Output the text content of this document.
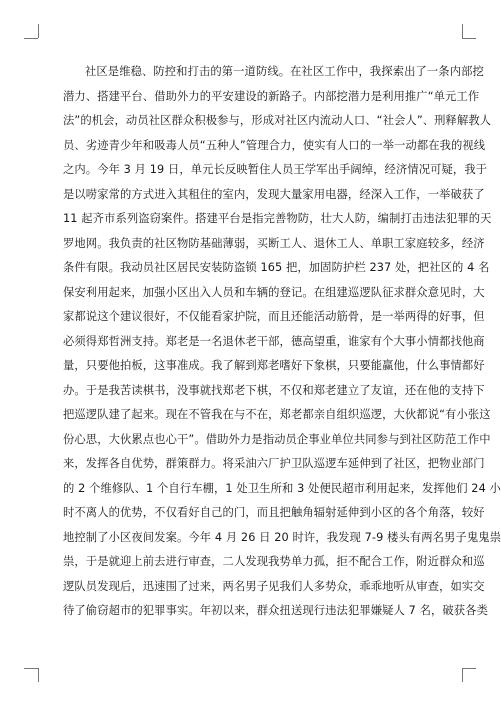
社区是维稳、防控和打击的第一道防线。在社区工作中，我探索出了一条内部挖
潜力、搭建平台、借助外力的平安建设的新路子。内部挖潜力是利用推广“单元工作
法”的机会，动员社区群众积极参与，形成对社区内流动人口、“社会人”、刑释解教人
员、劣迹青少年和吸毒人员“五种人”管理合力，使实有人口的一举一动都在我的视线
之内。今年 3 月 19 日，单元长反映暂住人员王学军出手阔绰，经济情况可疑，我于
是以唠家常的方式进入其租住的室内，发现大量家用电器，经深入工作，一举破获了
11 起齐市系列盗窃案件。搭建平台是指完善物防，壮大人防，编制打击违法犯罪的天
罗地网。我负责的社区物防基础薄弱，买断工人、退休工人、单职工家庭较多，经济
条件有限。我动员社区居民安装防盗锁 165 把，加固防护栏 237 处，把社区的 4 名
保安利用起来，加强小区出入人员和车辆的登记。在组建巡逻队征求群众意见时，大
家都说这个建议很好，不仅能看家护院，而且还能活动筋骨，是一举两得的好事，但
必须得郑哲洲支持。郑老是一名退休老干部，德高望重，谁家有个大事小情都找他商
量，只要他拍板，这事准成。我了解到郑老嗜好下象棋，只要能赢他，什么事情都好
办。于是我苦读棋书，没事就找郑老下棋，不仅和郑老建立了友谊，还在他的支持下
把巡逻队建了起来。现在不管我在与不在，郑老都亲自组织巡逻，大伙都说“有小张这
份心思，大伙累点也心干”。借助外力是指动员企事业单位共同参与到社区防范工作中
来，发挥各自优势，群策群力。将采油六厂护卫队巡逻车延伸到了社区，把物业部门
的 2 个维修队、1 个自行车棚，1 处卫生所和 3 处便民超市利用起来，发挥他们 24 小
时不离人的优势，不仅看好自己的门，而且把触角辐射延伸到小区的各个角落，较好
地控制了小区夜间发案。今年 4 月 26 日 20 时许，我发现 7-9 楼头有两名男子鬼鬼祟
祟，于是就迎上前去进行审查，二人发现我势单力孤，拒不配合工作，附近群众和巡
逻队员发现后，迅速围了过来，两名男子见我们人多势众，乖乖地听从审查，如实交
待了偷窃超市的犯罪事实。年初以来，群众扭送现行违法犯罪嫌疑人 7 名，破获各类
